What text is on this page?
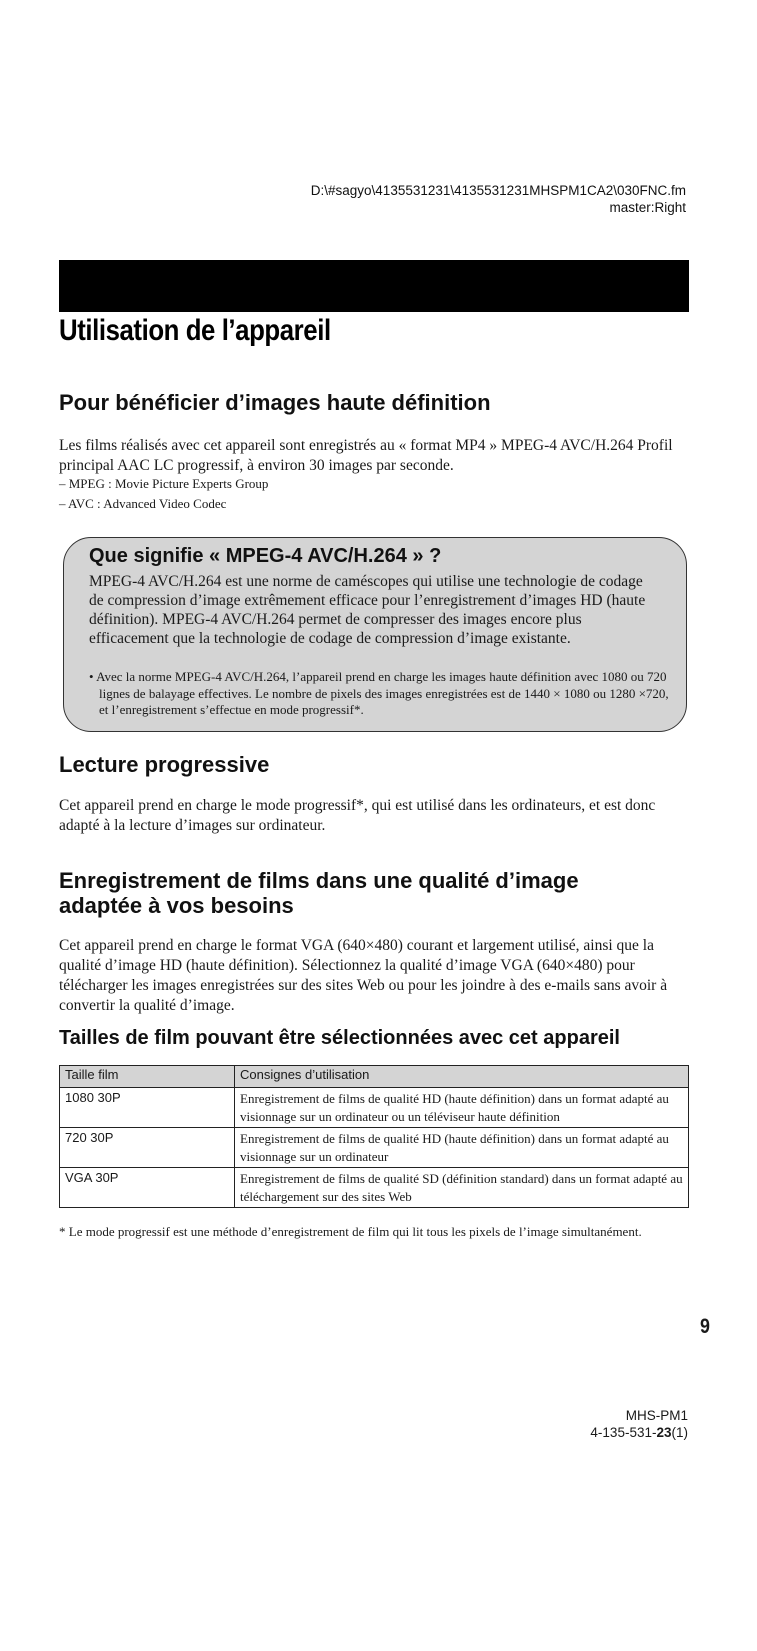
D:\#sagyo\4135531231\4135531231MHSPM1CA2\030FNC.fm
master:Right
Utilisation de l’appareil
Pour bénéficier d’images haute définition

Les films réalisés avec cet appareil sont enregistrés au « format MP4 » MPEG-4 AVC/H.264 Profil principal AAC LC progressif, à environ 30 images par seconde.

– MPEG : Movie Picture Experts Group
– AVC : Advanced Video Codec
Que signifie « MPEG-4 AVC/H.264 » ?

MPEG-4 AVC/H.264 est une norme de caméscopes qui utilise une technologie de codage de compression d’image extrêmement efficace pour l’enregistrement d’images HD (haute définition). MPEG-4 AVC/H.264 permet de compresser des images encore plus efficacement que la technologie de codage de compression d’image existante.

• Avec la norme MPEG-4 AVC/H.264, l’appareil prend en charge les images haute définition avec 1080 ou 720 lignes de balayage effectives. Le nombre de pixels des images enregistrées est de 1440 × 1080 ou 1280 ×720, et l’enregistrement s’effectue en mode progressif*.

Lecture progressive

Cet appareil prend en charge le mode progressif*, qui est utilisé dans les ordinateurs, et est donc adapté à la lecture d’images sur ordinateur.

Enregistrement de films dans une qualité d’image
adaptée à vos besoins

Cet appareil prend en charge le format VGA (640×480) courant et largement utilisé, ainsi que la qualité d’image HD (haute définition). Sélectionnez la qualité d’image VGA (640×480) pour télécharger les images enregistrées sur des sites Web ou pour les joindre à des e-mails sans avoir à convertir la qualité d’image.

Tailles de film pouvant être sélectionnées avec cet appareil
Taille film	Consignes d’utilisation
1080 30P	Enregistrement de films de qualité HD (haute définition) dans un format adapté au visionnage sur un ordinateur ou un téléviseur haute définition
720 30P	Enregistrement de films de qualité HD (haute définition) dans un format adapté au visionnage sur un ordinateur
VGA 30P	Enregistrement de films de qualité SD (définition standard) dans un format adapté au téléchargement sur des sites Web

* Le mode progressif est une méthode d’enregistrement de film qui lit tous les pixels de l’image simultanément.

9
MHS-PM1
4-135-531-23(1)
